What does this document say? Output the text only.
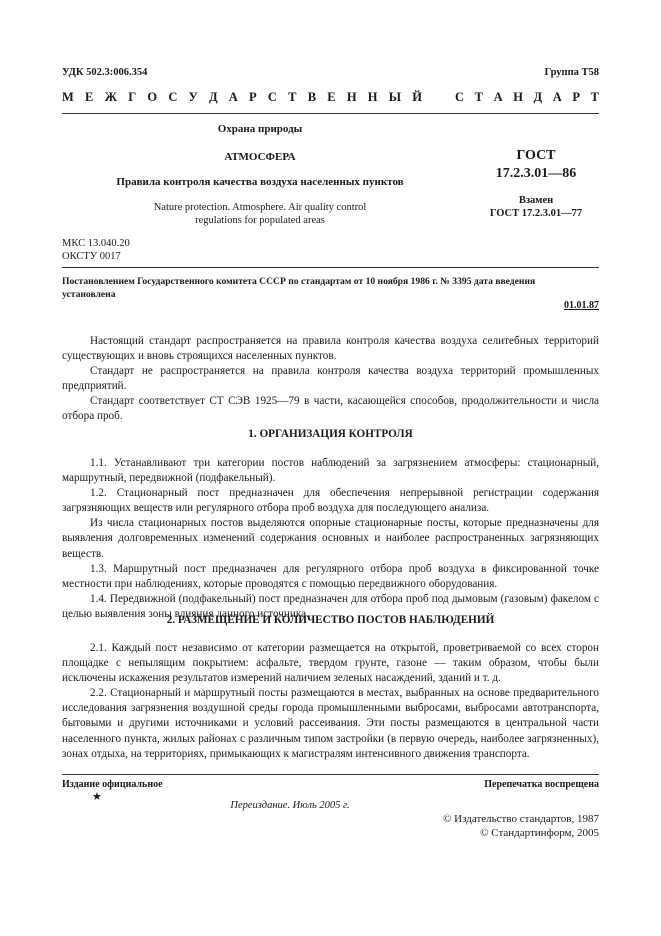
УДК 502.3:006.354	Группа Т58
М Е Ж Г О С У Д А Р С Т В Е Н Н Ы Й	С Т А Н Д А Р Т
Охрана природы
АТМОСФЕРА
Правила контроля качества воздуха населенных пунктов
Nature protection. Atmosphere. Air quality control
regulations for populated areas
ГОСТ
17.2.3.01—86
Взамен
ГОСТ 17.2.3.01—77
МКС 13.040.20
ОКСТУ 0017
Постановлением Государственного комитета СССР по стандартам от 10 ноября 1986 г. № 3395 дата введения
установлена
01.01.87

Настоящий стандарт распространяется на правила контроля качества воздуха селитебных территорий существующих и вновь строящихся населенных пунктов.

Стандарт не распространяется на правила контроля качества воздуха территорий промышленных предприятий.

Стандарт соответствует СТ СЭВ 1925—79 в части, касающейся способов, продолжительности и числа отбора проб.

1. ОРГАНИЗАЦИЯ КОНТРОЛЯ

1.1. Устанавливают три категории постов наблюдений за загрязнением атмосферы: стационарный, маршрутный, передвижной (подфакельный).

1.2. Стационарный пост предназначен для обеспечения непрерывной регистрации содержания загрязняющих веществ или регулярного отбора проб воздуха для последующего анализа.

Из числа стационарных постов выделяются опорные стационарные посты, которые предназначены для выявления долговременных изменений содержания основных и наиболее распространенных загрязняющих веществ.

1.3. Маршрутный пост предназначен для регулярного отбора проб воздуха в фиксированной точке местности при наблюдениях, которые проводятся с помощью передвижного оборудования.

1.4. Передвижной (подфакельный) пост предназначен для отбора проб под дымовым (газовым) факелом с целью выявления зоны влияния данного источника.

2. РАЗМЕЩЕНИЕ И КОЛИЧЕСТВО ПОСТОВ НАБЛЮДЕНИЙ

2.1. Каждый пост независимо от категории размещается на открытой, проветриваемой со всех сторон площадке с непылящим покрытием: асфальте, твердом грунте, газоне — таким образом, чтобы были исключены искажения результатов измерений наличием зеленых насаждений, зданий и т. д.

2.2. Стационарный и маршрутный посты размещаются в местах, выбранных на основе предварительного исследования загрязнения воздушной среды города промышленными выбросами, выбросами автотранспорта, бытовыми и другими источниками и условий рассеивания. Эти посты размещаются в центральной части населенного пункта, жилых районах с различным типом застройки (в первую очередь, наиболее загрязненных), зонах отдыха, на территориях, примыкающих к магистралям интенсивного движения транспорта.

Издание официальное
★
Перепечатка воспрещена
Переиздание. Июль 2005 г.
© Издательство стандартов, 1987
© Стандартинформ, 2005
